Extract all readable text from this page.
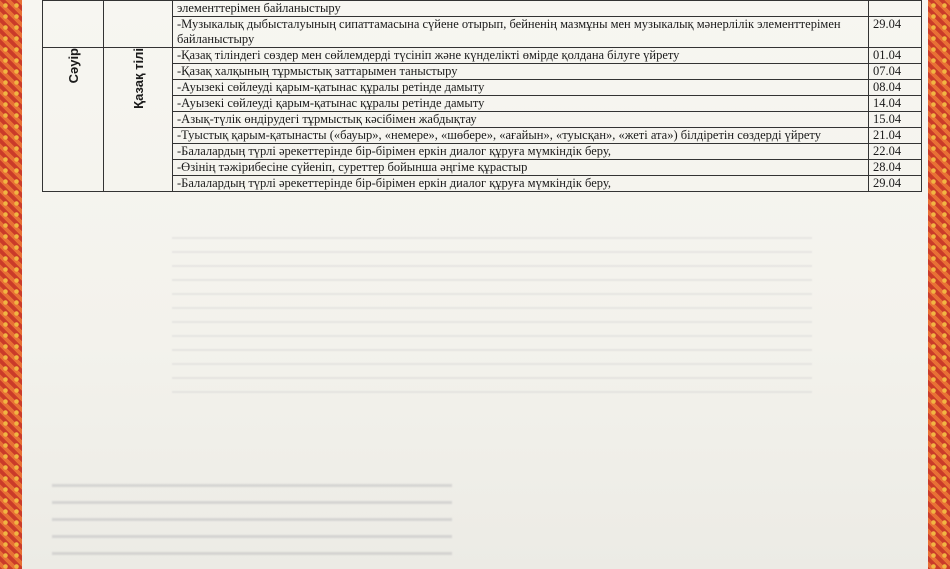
		элементтерімен байланыстыру	
		-Музыкалық дыбысталуының сипаттамасына сүйене отырып, бейненің мазмұны мен музыкалық мәнерлілік элементтерімен байланыстыру	29.04

Сәуір	Қазақ тілі	-Қазақ тіліндегі сөздер мен сөйлемдерді түсініп және күнделікті өмірде қолдана білуге үйрету	01.04
		-Қазақ халқының тұрмыстық заттарымен таныстыру	07.04
		-Ауызекі сөйлеуді қарым-қатынас құралы ретінде дамыту	08.04
		-Ауызекі сөйлеуді қарым-қатынас құралы ретінде дамыту	14.04
		-Азық-түлік өндірудегі тұрмыстық кәсібімен жабдықтау	15.04
		-Туыстық қарым-қатынасты («бауыр», «немере», «шөбере», «ағайын», «туысқан», «жеті ата») білдіретін сөздерді үйрету	21.04
		-Балалардың түрлі әрекеттерінде бір-бірімен еркін диалог құруға мүмкіндік беру,	22.04
		-Өзінің тәжірибесіне сүйеніп, суреттер бойынша әңгіме құрастыр	28.04
		-Балалардың түрлі әрекеттерінде бір-бірімен еркін диалог құруға мүмкіндік беру,	29.04
